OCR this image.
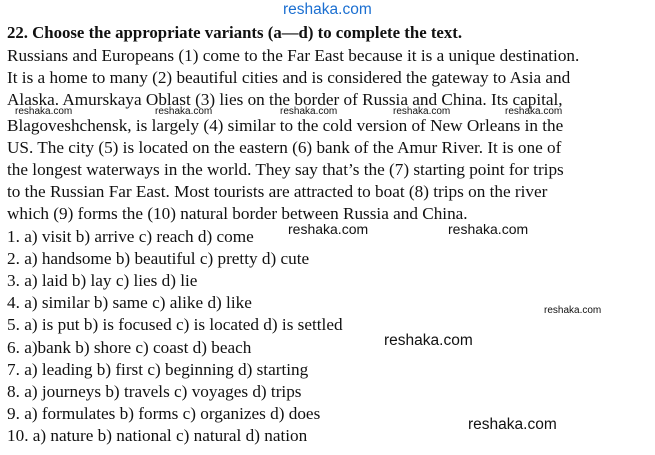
reshaka.com
22. Choose the appropriate variants (a—d) to complete the text.
Russians and Europeans (1) come to the Far East because it is a unique destination.
It is a home to many (2) beautiful cities and is considered the gateway to Asia and
Alaska. Amurskaya Oblast (3) lies on the border of Russia and China. Its capital,
Blagoveshchensk, is largely (4) similar to the cold version of New Orleans in the
US. The city (5) is located on the eastern (6) bank of the Amur River. It is one of
the longest waterways in the world. They say that’s the (7) starting point for trips
to the Russian Far East. Most tourists are attracted to boat (8) trips on the river
which (9) forms the (10) natural border between Russia and China.
reshaka.com	reshaka.com	reshaka.com	reshaka.com	reshaka.com
1. a) visit b) arrive c) reach d) come
2. a) handsome b) beautiful c) pretty d) cute
3. a) laid b) lay c) lies d) lie
4. a) similar b) same c) alike d) like
5. a) is put b) is focused c) is located d) is settled
6. a)bank b) shore c) coast d) beach
7. a) leading b) first c) beginning d) starting
8. a) journeys b) travels c) voyages d) trips
9. a) formulates b) forms c) organizes d) does
10. a) nature b) national c) natural d) nation
reshaka.com	reshaka.com
reshaka.com
reshaka.com
reshaka.com
